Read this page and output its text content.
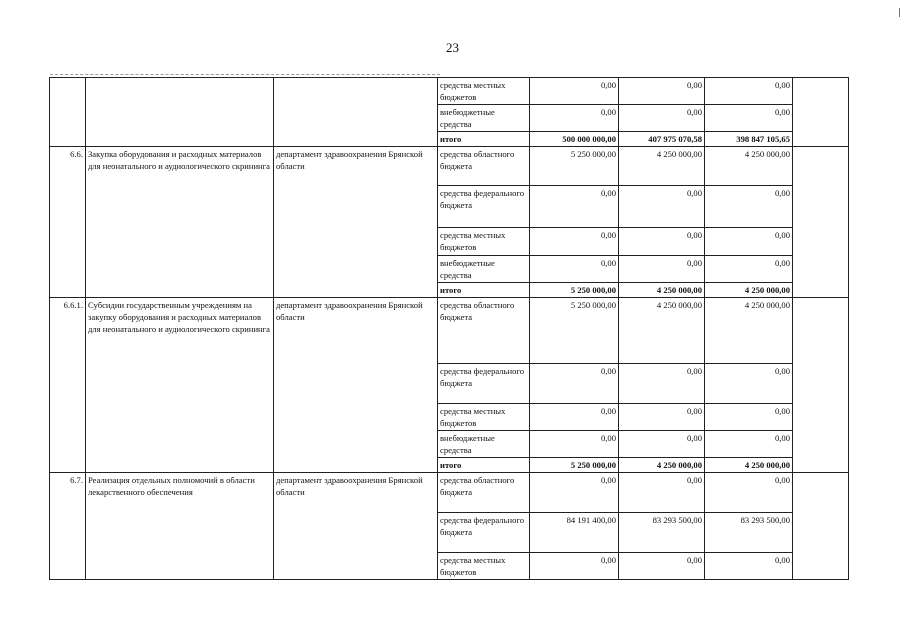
23
			средства местных бюджетов	0,00	0,00	0,00	
			внебюджетные средства	0,00	0,00	0,00	
			итого	500 000 000,00	407 975 070,58	398 847 105,65	
6.6.	Закупка оборудования и расходных материалов для неонатального и аудиологического скрининга	департамент здравоохранения Брянской области	средства областного бюджета	5 250 000,00	4 250 000,00	4 250 000,00	
			средства федерального бюджета	0,00	0,00	0,00	
			средства местных бюджетов	0,00	0,00	0,00	
			внебюджетные средства	0,00	0,00	0,00	
			итого	5 250 000,00	4 250 000,00	4 250 000,00	
6.6.1.	Субсидии государственным учреждениям на закупку оборудования и расходных материалов для неонатального и аудиологического скрининга	департамент здравоохранения Брянской области	средства областного бюджета	5 250 000,00	4 250 000,00	4 250 000,00	
			средства федерального бюджета	0,00	0,00	0,00	
			средства местных бюджетов	0,00	0,00	0,00	
			внебюджетные средства	0,00	0,00	0,00	
			итого	5 250 000,00	4 250 000,00	4 250 000,00	
6.7.	Реализация отдельных полномочий в области лекарственного обеспечения	департамент здравоохранения Брянской области	средства областного бюджета	0,00	0,00	0,00	
			средства федерального бюджета	84 191 400,00	83 293 500,00	83 293 500,00	
			средства местных бюджетов	0,00	0,00	0,00	
